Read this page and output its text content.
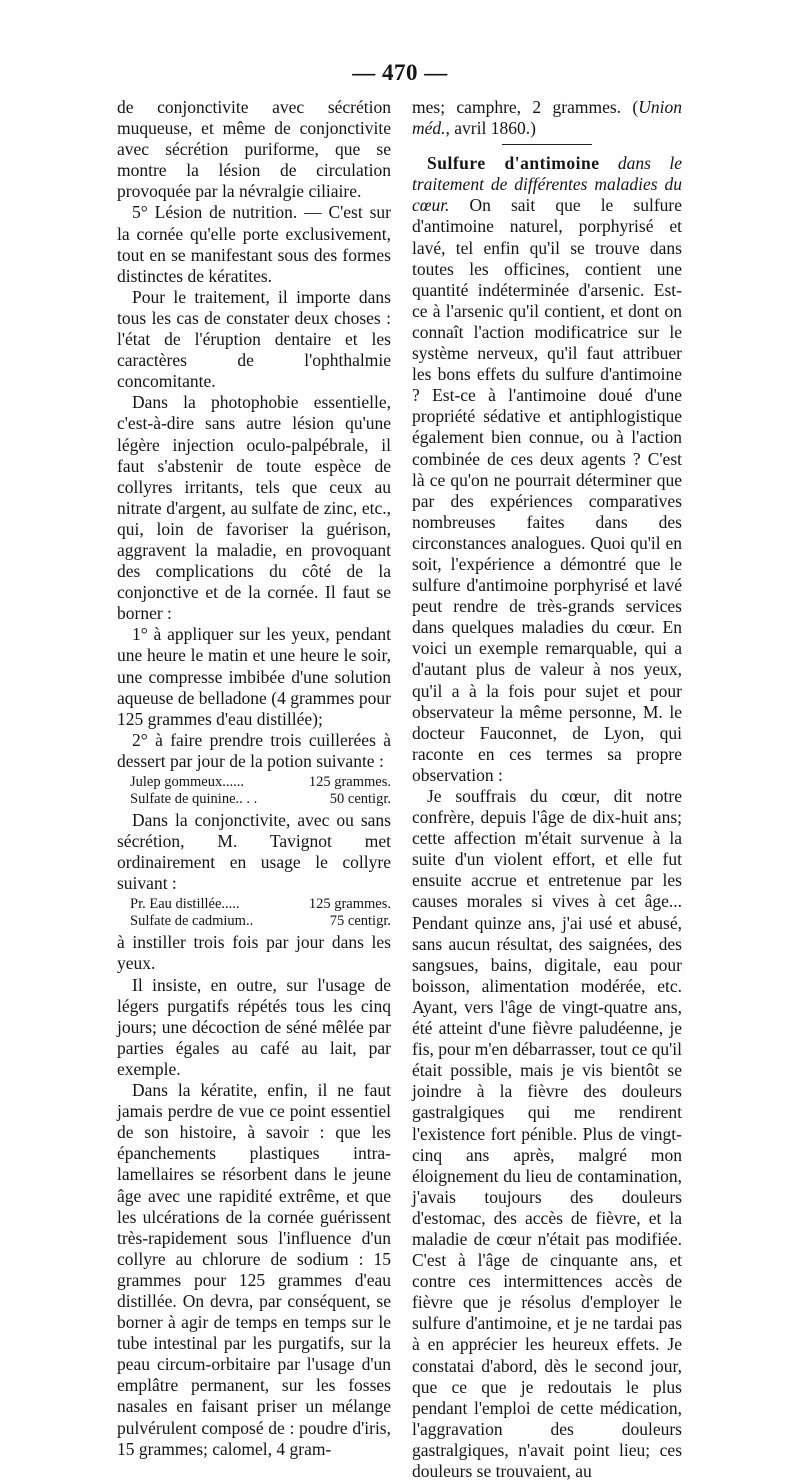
— 470 —

de conjonctivite avec sécrétion muqueuse, et même de conjonctivite avec sécrétion puriforme, que se montre la lésion de circulation provoquée par la névralgie ciliaire.

5° Lésion de nutrition. — C'est sur la cornée qu'elle porte exclusivement, tout en se manifestant sous des formes distinctes de kératites.

Pour le traitement, il importe dans tous les cas de constater deux choses : l'état de l'éruption dentaire et les caractères de l'ophthalmie concomitante.

Dans la photophobie essentielle, c'est-à-dire sans autre lésion qu'une légère injection oculo-palpébrale, il faut s'abstenir de toute espèce de collyres irritants, tels que ceux au nitrate d'argent, au sulfate de zinc, etc., qui, loin de favoriser la guérison, aggravent la maladie, en provoquant des complications du côté de la conjonctive et de la cornée. Il faut se borner :

1° à appliquer sur les yeux, pendant une heure le matin et une heure le soir, une compresse imbibée d'une solution aqueuse de belladone (4 grammes pour 125 grammes d'eau distillée);

2° à faire prendre trois cuillerées à dessert par jour de la potion suivante :

Julep gommeux......	125 grammes.
Sulfate de quinine.. . .	50 centigr.

Dans la conjonctivite, avec ou sans sécrétion, M. Tavignot met ordinairement en usage le collyre suivant :

Pr. Eau distillée.....	125 grammes.
Sulfate de cadmium..	75 centigr.

à instiller trois fois par jour dans les yeux.

Il insiste, en outre, sur l'usage de légers purgatifs répétés tous les cinq jours; une décoction de séné mêlée par parties égales au café au lait, par exemple.

Dans la kératite, enfin, il ne faut jamais perdre de vue ce point essentiel de son histoire, à savoir : que les épanchements plastiques intra-lamellaires se résorbent dans le jeune âge avec une rapidité extrême, et que les ulcérations de la cornée guérissent très-rapidement sous l'influence d'un collyre au chlorure de sodium : 15 grammes pour 125 grammes d'eau distillée. On devra, par conséquent, se borner à agir de temps en temps sur le tube intestinal par les purgatifs, sur la peau circum-orbitaire par l'usage d'un emplâtre permanent, sur les fosses nasales en faisant priser un mélange pulvérulent composé de : poudre d'iris, 15 grammes; calomel, 4 gram-

mes; camphre, 2 grammes. (Union méd., avril 1860.)

Sulfure d'antimoine dans le traitement de différentes maladies du cœur. On sait que le sulfure d'antimoine naturel, porphyrisé et lavé, tel enfin qu'il se trouve dans toutes les officines, contient une quantité indéterminée d'arsenic. Est-ce à l'arsenic qu'il contient, et dont on connaît l'action modificatrice sur le système nerveux, qu'il faut attribuer les bons effets du sulfure d'antimoine ? Est-ce à l'antimoine doué d'une propriété sédative et antiphlogistique également bien connue, ou à l'action combinée de ces deux agents ? C'est là ce qu'on ne pourrait déterminer que par des expériences comparatives nombreuses faites dans des circonstances analogues. Quoi qu'il en soit, l'expérience a démontré que le sulfure d'antimoine porphyrisé et lavé peut rendre de très-grands services dans quelques maladies du cœur. En voici un exemple remarquable, qui a d'autant plus de valeur à nos yeux, qu'il a à la fois pour sujet et pour observateur la même personne, M. le docteur Fauconnet, de Lyon, qui raconte en ces termes sa propre observation :

Je souffrais du cœur, dit notre confrère, depuis l'âge de dix-huit ans; cette affection m'était survenue à la suite d'un violent effort, et elle fut ensuite accrue et entretenue par les causes morales si vives à cet âge... Pendant quinze ans, j'ai usé et abusé, sans aucun résultat, des saignées, des sangsues, bains, digitale, eau pour boisson, alimentation modérée, etc. Ayant, vers l'âge de vingt-quatre ans, été atteint d'une fièvre paludéenne, je fis, pour m'en débarrasser, tout ce qu'il était possible, mais je vis bientôt se joindre à la fièvre des douleurs gastralgiques qui me rendirent l'existence fort pénible. Plus de vingt-cinq ans après, malgré mon éloignement du lieu de contamination, j'avais toujours des douleurs d'estomac, des accès de fièvre, et la maladie de cœur n'était pas modifiée. C'est à l'âge de cinquante ans, et contre ces intermittences accès de fièvre que je résolus d'employer le sulfure d'antimoine, et je ne tardai pas à en apprécier les heureux effets. Je constatai d'abord, dès le second jour, que ce que je redoutais le plus pendant l'emploi de cette médication, l'aggravation des douleurs gastralgiques, n'avait point lieu; ces douleurs se trouvaient, au
